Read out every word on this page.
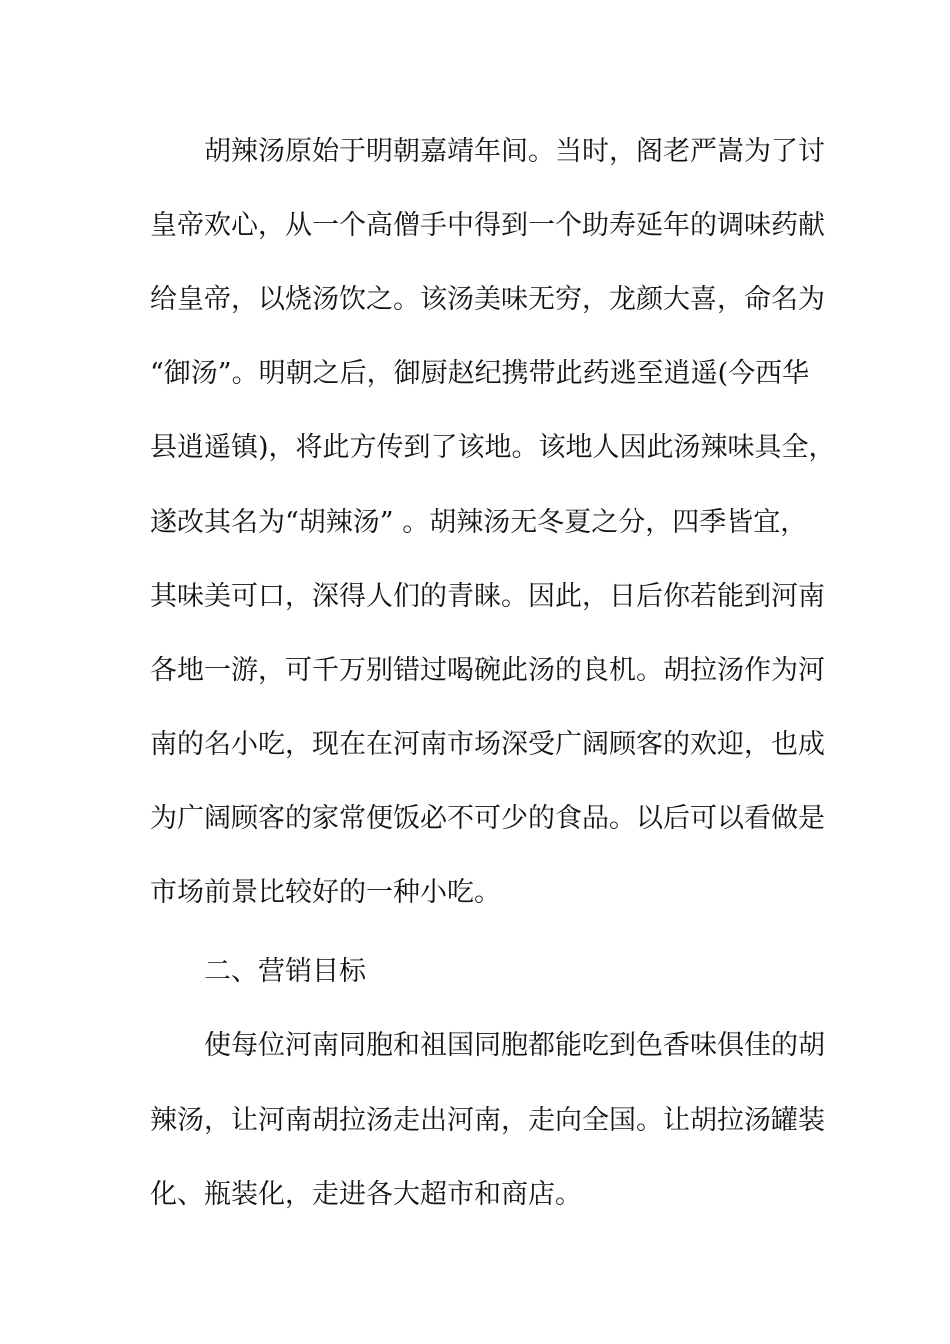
胡辣汤原始于明朝嘉靖年间。当时，阁老严嵩为了讨
皇帝欢心，从一个高僧手中得到一个助寿延年的调味药献
给皇帝，以烧汤饮之。该汤美味无穷，龙颜大喜，命名为
“御汤”。明朝之后，御厨赵纪携带此药逃至逍遥(今西华
县逍遥镇)，将此方传到了该地。该地人因此汤辣味具全，
遂改其名为“胡辣汤” 。胡辣汤无冬夏之分，四季皆宜，
其味美可口，深得人们的青睐。因此，日后你若能到河南
各地一游，可千万别错过喝碗此汤的良机。胡拉汤作为河
南的名小吃，现在在河南市场深受广阔顾客的欢迎，也成
为广阔顾客的家常便饭必不可少的食品。以后可以看做是
市场前景比较好的一种小吃。
二、营销目标
使每位河南同胞和祖国同胞都能吃到色香味俱佳的胡
辣汤，让河南胡拉汤走出河南，走向全国。让胡拉汤罐装
化、瓶装化，走进各大超市和商店。
